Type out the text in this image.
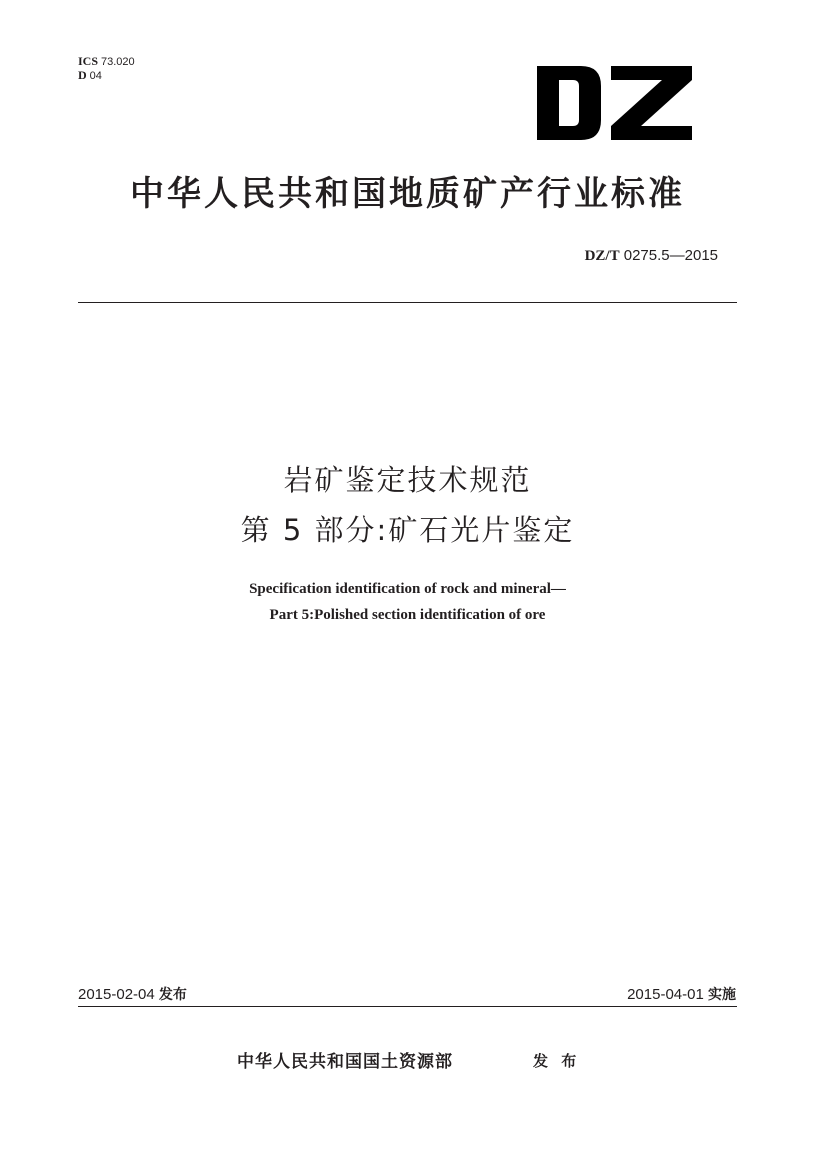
ICS 73.020
D 04
中华人民共和国地质矿产行业标准
DZ/T 0275.5—2015
岩矿鉴定技术规范
第 5 部分:矿石光片鉴定
Specification identification of rock and mineral—
Part 5:Polished section identification of ore
2015-02-04 发布	2015-04-01 实施
中华人民共和国国土资源部	发 布
